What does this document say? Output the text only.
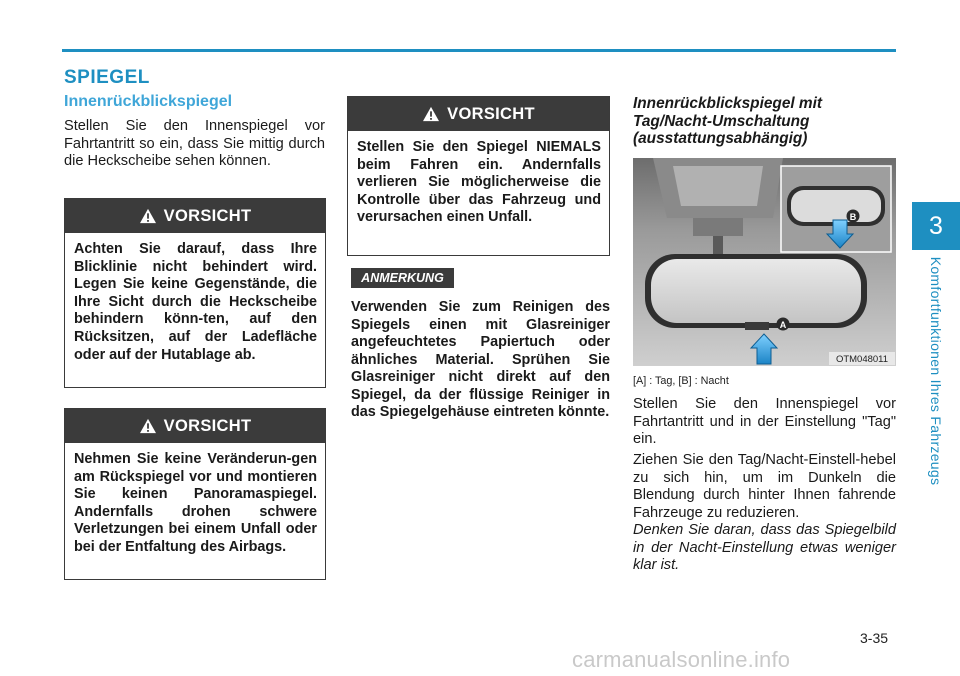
SPIEGEL
Innenrückblickspiegel

Stellen Sie den Innenspiegel vor Fahrtantritt so ein, dass Sie mittig durch die Heckscheibe sehen können.

VORSICHT
Achten Sie darauf, dass Ihre Blicklinie nicht behindert wird. Legen Sie keine Gegenstände, die Ihre Sicht durch die Heckscheibe behindern könn-ten, auf den Rücksitzen, auf der Ladefläche oder auf der Hutablage ab.
VORSICHT
Nehmen Sie keine Veränderun-gen am Rückspiegel vor und montieren Sie keinen Panoramaspiegel. Andernfalls drohen schwere Verletzungen bei einem Unfall oder bei der Entfaltung des Airbags.
VORSICHT
Stellen Sie den Spiegel NIEMALS beim Fahren ein. Andernfalls verlieren Sie möglicherweise die Kontrolle über das Fahrzeug und verursachen einen Unfall.
ANMERKUNG

Verwenden Sie zum Reinigen des Spiegels einen mit Glasreiniger angefeuchtetes Papiertuch oder ähnliches Material. Sprühen Sie Glasreiniger nicht direkt auf den Spiegel, da der flüssige Reiniger in das Spiegelgehäuse eintreten könnte.

Innenrückblickspiegel mit
Tag/Nacht-Umschaltung
(ausstattungsabhängig)
A
B
OTM048011
[A] : Tag, [B] : Nacht

Stellen Sie den Innenspiegel vor Fahrtantritt und in der Einstellung "Tag" ein.

Ziehen Sie den Tag/Nacht-Einstell-hebel zu sich hin, um im Dunkeln die Blendung durch hinter Ihnen fahrende Fahrzeuge zu reduzieren.

Denken Sie daran, dass das Spiegelbild in der Nacht-Einstellung etwas weniger klar ist.

3
Komfortfunktionen Ihres Fahrzeugs
3-35
carmanualsonline.info
